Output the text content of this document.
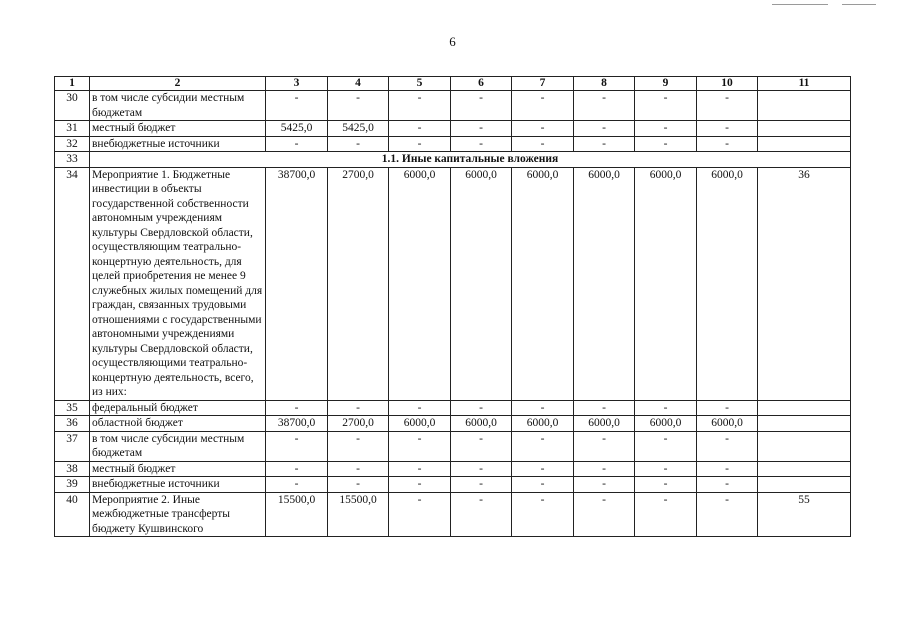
6
1	2	3	4	5	6	7	8	9	10	11
30	в том числе субсидии местным бюджетам	-	-	-	-	-	-	-	-	
31	местный бюджет	5425,0	5425,0	-	-	-	-	-	-	
32	внебюджетные источники	-	-	-	-	-	-	-	-	
33	1.1. Иные капитальные вложения									
34	Мероприятие 1. Бюджетные инвестиции в объекты государственной собственности автономным учреждениям культуры Свердловской области, осуществляющим театрально-концертную деятельность, для целей приобретения не менее 9 служебных жилых помещений для граждан, связанных трудовыми отношениями с государственными автономными учреждениями культуры Свердловской области, осуществляющими театрально-концертную деятельность, всего, из них:	38700,0	2700,0	6000,0	6000,0	6000,0	6000,0	6000,0	6000,0	36
35	федеральный бюджет	-	-	-	-	-	-	-	-	
36	областной бюджет	38700,0	2700,0	6000,0	6000,0	6000,0	6000,0	6000,0	6000,0	
37	в том числе субсидии местным бюджетам	-	-	-	-	-	-	-	-	
38	местный бюджет	-	-	-	-	-	-	-	-	
39	внебюджетные источники	-	-	-	-	-	-	-	-	
40	Мероприятие 2. Иные межбюджетные трансферты бюджету Кушвинского	15500,0	15500,0	-	-	-	-	-	-	55
